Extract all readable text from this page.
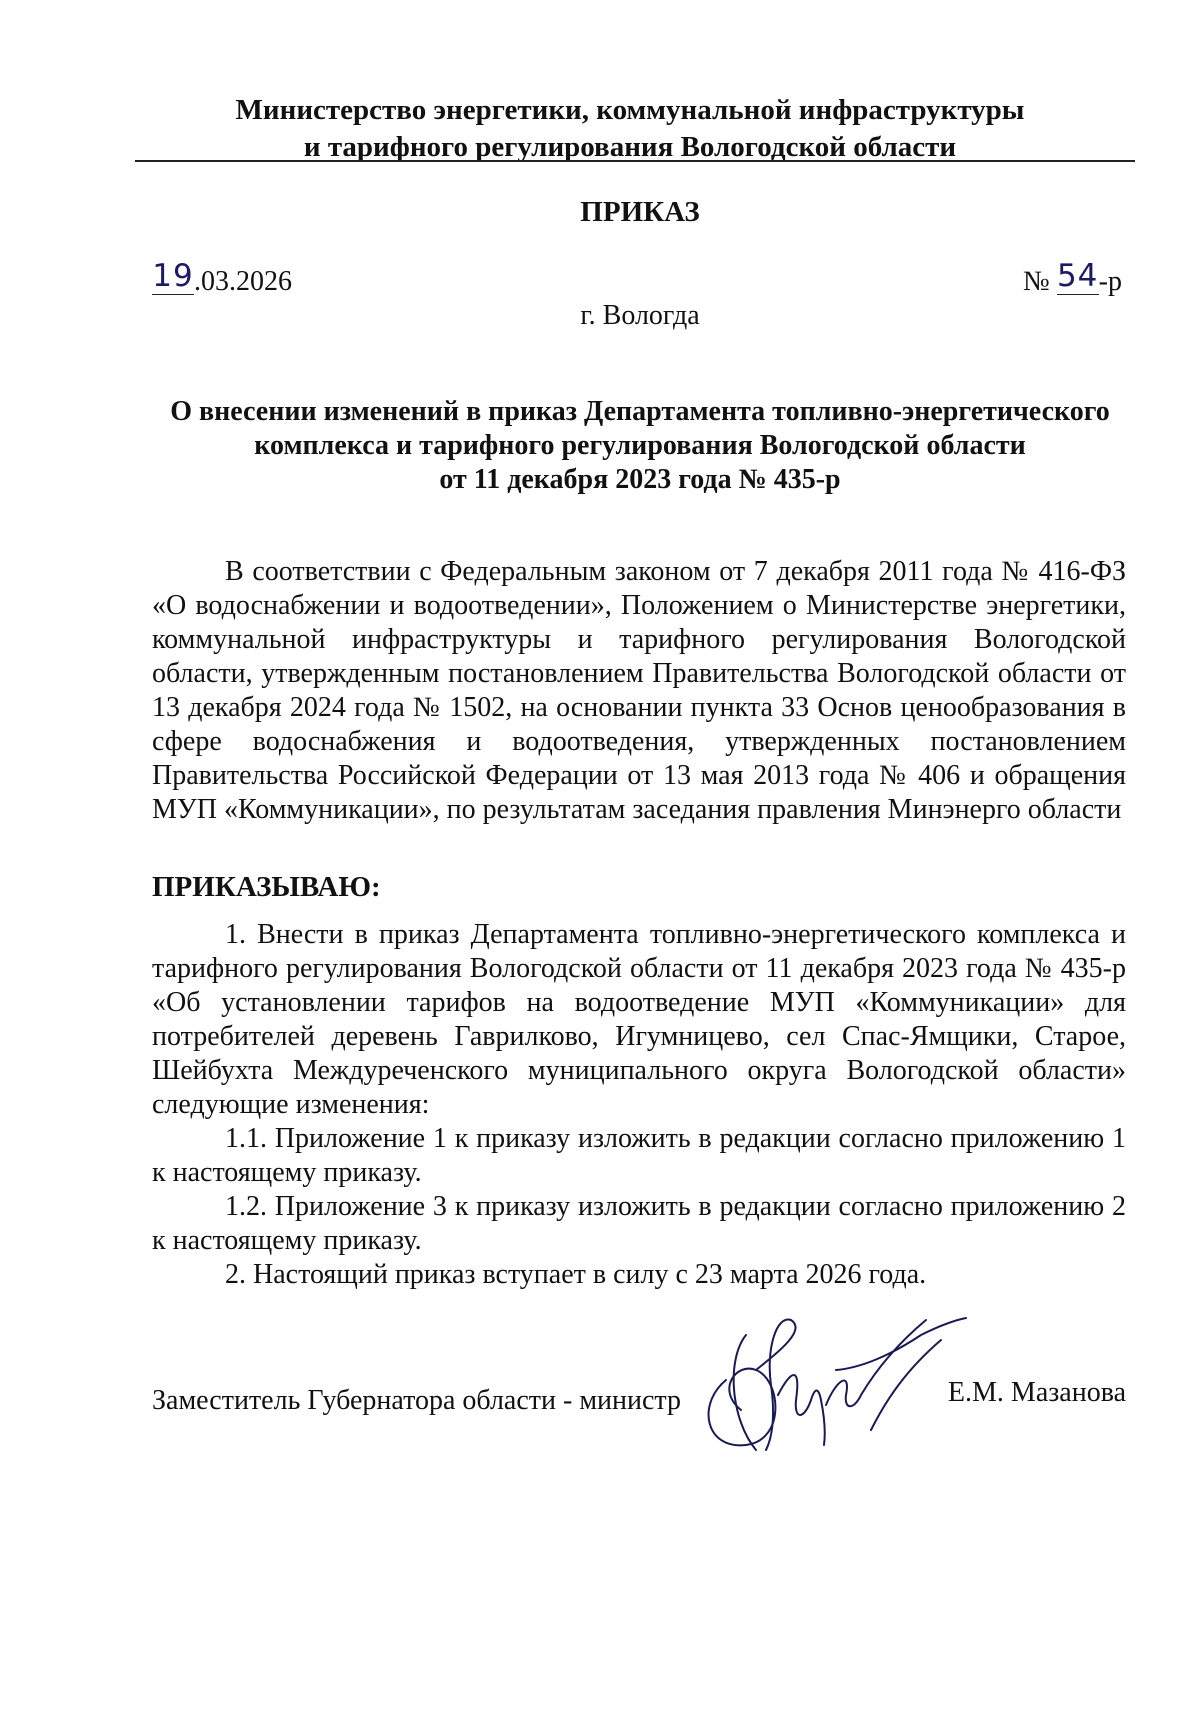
Министерство энергетики, коммунальной инфраструктуры
и тарифного регулирования Вологодской области
ПРИКАЗ
19.03.2026	№ 54-р
г. Вологда
О внесении изменений в приказ Департамента топливно-энергетического
комплекса и тарифного регулирования Вологодской области
от 11 декабря 2023 года № 435-р
В соответствии с Федеральным законом от 7 декабря 2011 года № 416-ФЗ «О водоснабжении и водоотведении», Положением о Министерстве энергетики, коммунальной инфраструктуры и тарифного регулирования Вологодской области, утвержденным постановлением Правительства Вологодской области от 13 декабря 2024 года № 1502, на основании пункта 33 Основ ценообразования в сфере водоснабжения и водоотведения, утвержденных постановлением Правительства Российской Федерации от 13 мая 2013 года № 406 и обращения МУП «Коммуникации», по результатам заседания правления Минэнерго области
ПРИКАЗЫВАЮ:
1. Внести в приказ Департамента топливно-энергетического комплекса и тарифного регулирования Вологодской области от 11 декабря 2023 года № 435-р «Об установлении тарифов на водоотведение МУП «Коммуникации» для потребителей деревень Гаврилково, Игумницево, сел Спас-Ямщики, Старое, Шейбухта Междуреченского муниципального округа Вологодской области» следующие изменения:
1.1. Приложение 1 к приказу изложить в редакции согласно приложению 1 к настоящему приказу.
1.2. Приложение 3 к приказу изложить в редакции согласно приложению 2 к настоящему приказу.
2. Настоящий приказ вступает в силу с 23 марта 2026 года.
Заместитель Губернатора области - министр	Е.М. Мазанова
